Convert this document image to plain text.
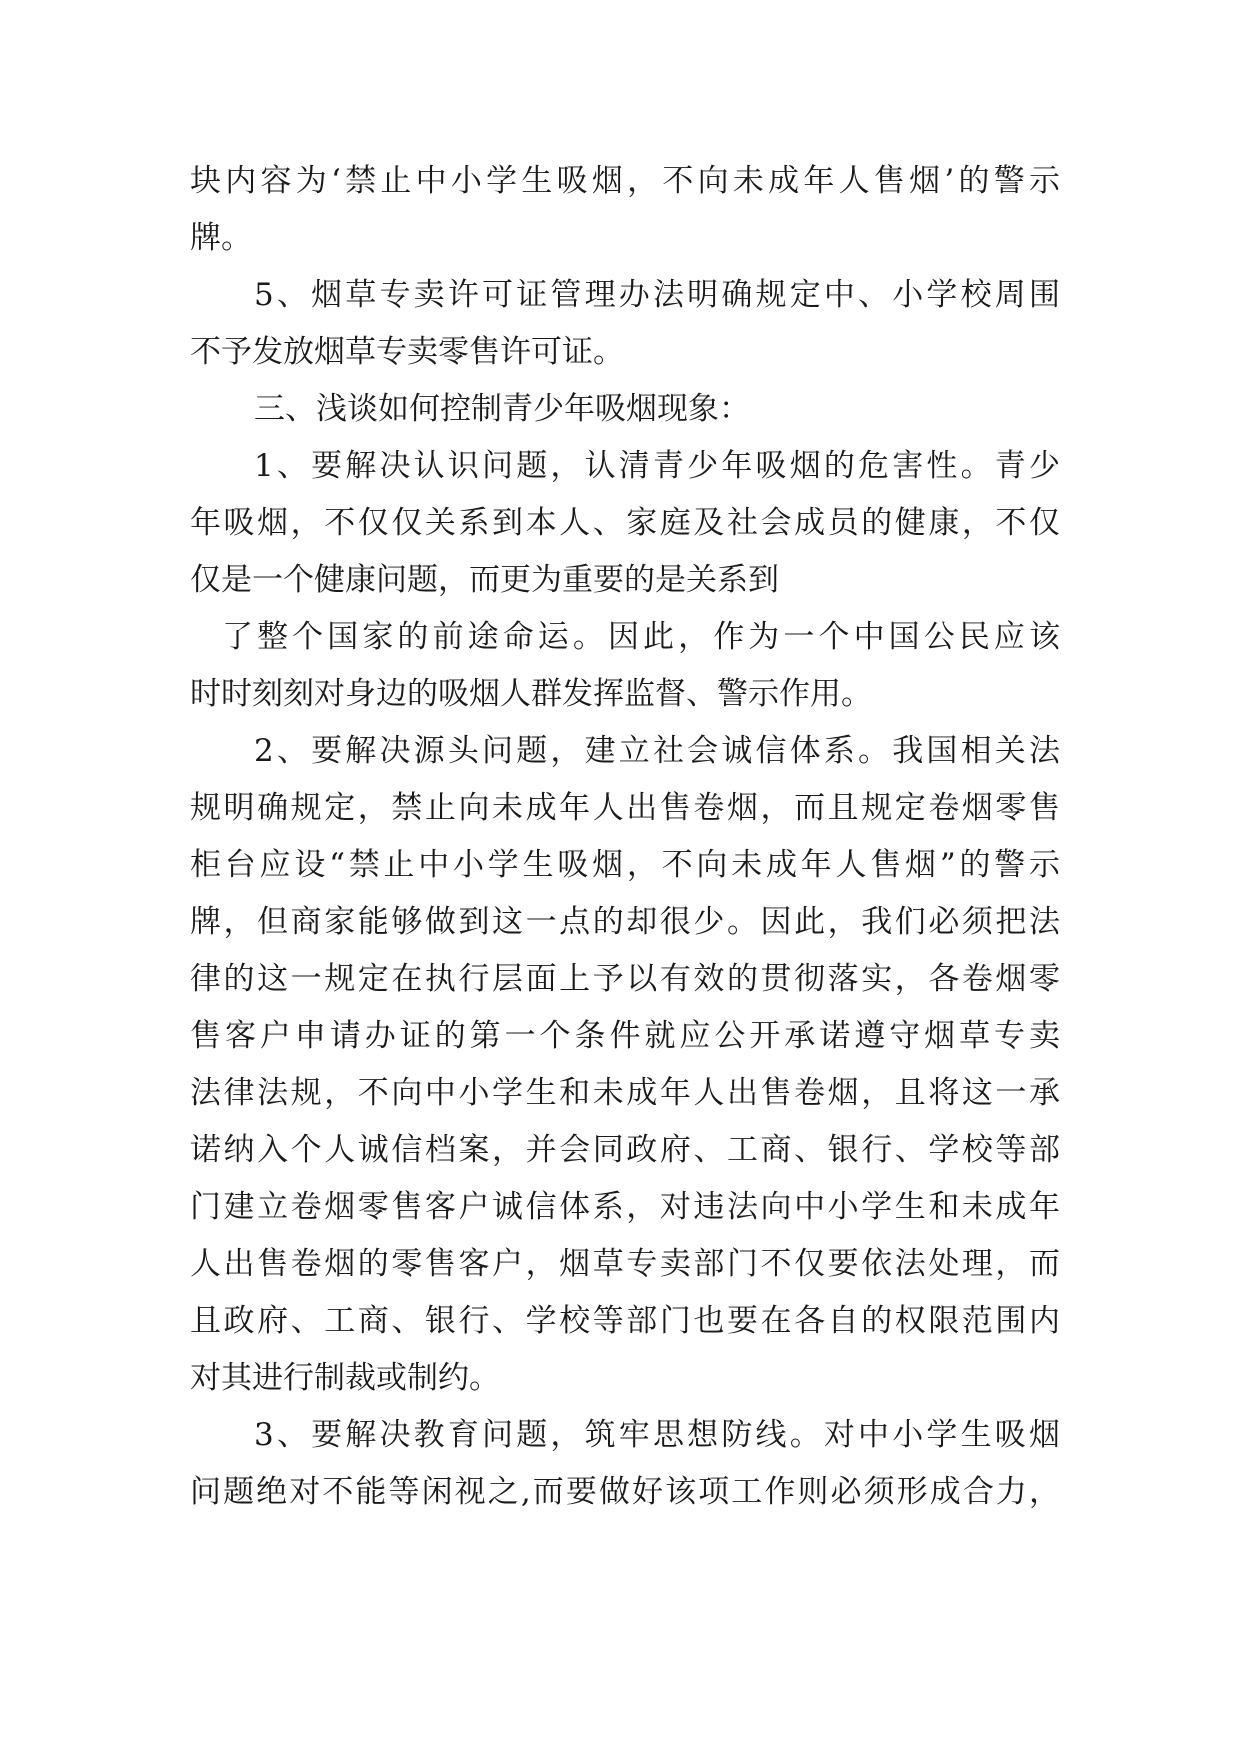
块内容为‘禁止中小学生吸烟，不向未成年人售烟’的警示
牌。
5、烟草专卖许可证管理办法明确规定中、小学校周围
不予发放烟草专卖零售许可证。
三、浅谈如何控制青少年吸烟现象：
1、要解决认识问题，认清青少年吸烟的危害性。青少
年吸烟，不仅仅关系到本人、家庭及社会成员的健康，不仅
仅是一个健康问题，而更为重要的是关系到
了整个国家的前途命运。因此，作为一个中国公民应该
时时刻刻对身边的吸烟人群发挥监督、警示作用。
2、要解决源头问题，建立社会诚信体系。我国相关法
规明确规定，禁止向未成年人出售卷烟，而且规定卷烟零售
柜台应设“禁止中小学生吸烟，不向未成年人售烟”的警示
牌，但商家能够做到这一点的却很少。因此，我们必须把法
律的这一规定在执行层面上予以有效的贯彻落实，各卷烟零
售客户申请办证的第一个条件就应公开承诺遵守烟草专卖
法律法规，不向中小学生和未成年人出售卷烟，且将这一承
诺纳入个人诚信档案，并会同政府、工商、银行、学校等部
门建立卷烟零售客户诚信体系，对违法向中小学生和未成年
人出售卷烟的零售客户，烟草专卖部门不仅要依法处理，而
且政府、工商、银行、学校等部门也要在各自的权限范围内
对其进行制裁或制约。
3、要解决教育问题，筑牢思想防线。对中小学生吸烟
问题绝对不能等闲视之,而要做好该项工作则必须形成合力，
